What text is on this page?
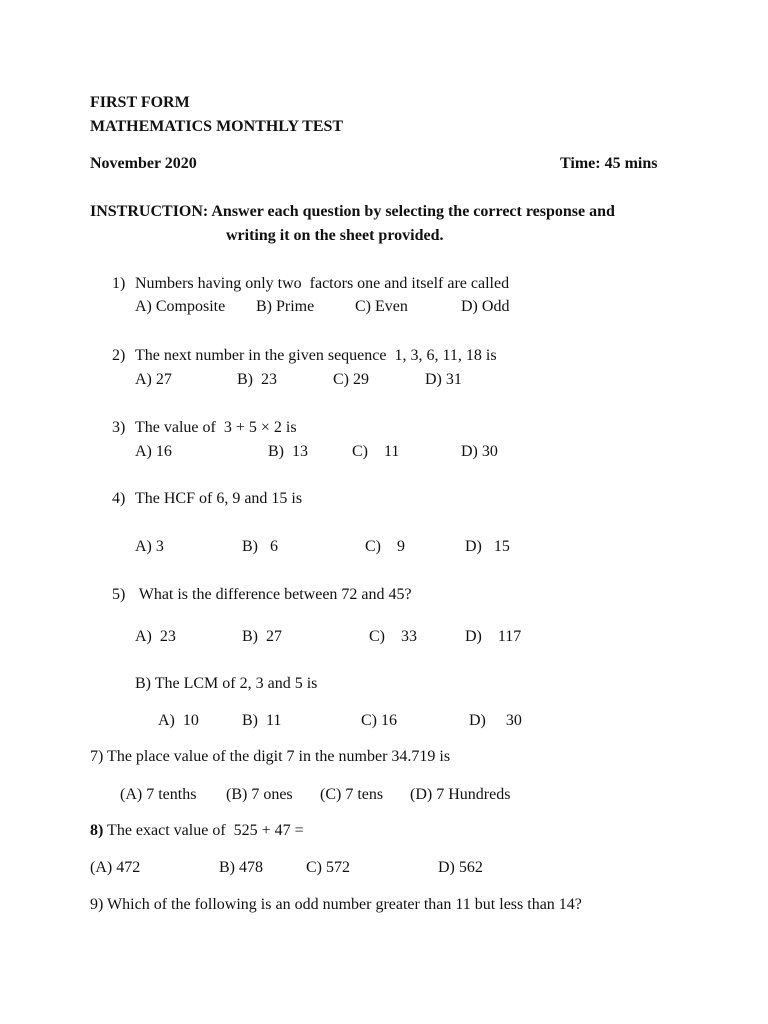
FIRST FORM
MATHEMATICS MONTHLY TEST
November 2020	Time: 45 mins
INSTRUCTION: Answer each question by selecting the correct response and
writing it on the sheet provided.
1) Numbers having only two  factors one and itself are called
A) Composite B) Prime	C) Even	D) Odd
2) The next number in the given sequence  1, 3, 6, 11, 18 is
A) 27	B)  23	C) 29	D) 31
3) The value of  3 + 5 × 2 is
A) 16	B)  13	C)    11	D) 30
4) The HCF of 6, 9 and 15 is
A) 3	B)   6	C)    9	D)   15
5) What is the difference between 72 and 45?
A)  23	B)  27	C)    33	D)    117
B) The LCM of 2, 3 and 5 is
A)  10	B)  11	C) 16	D)     30
7) The place value of the digit 7 in the number 34.719 is
(A) 7 tenths (B) 7 ones (C) 7 tens (D) 7 Hundreds
8) The exact value of  525 + 47 =
(A) 472	B) 478	C) 572	D) 562
9) Which of the following is an odd number greater than 11 but less than 14?
